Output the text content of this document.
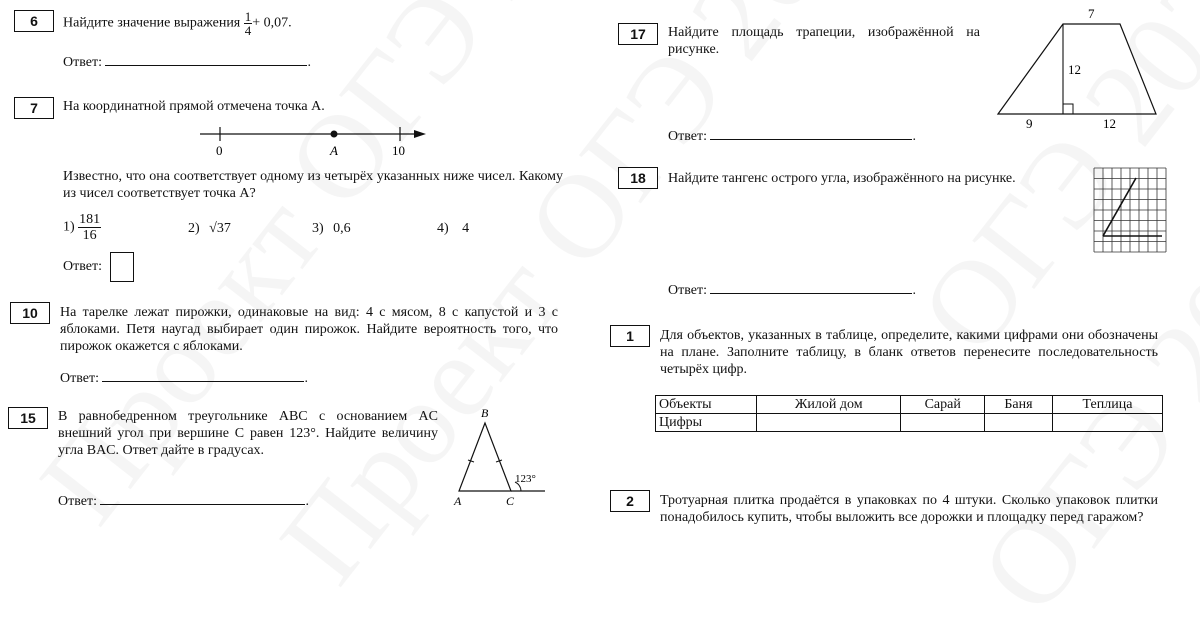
6	Найдите значение выражения $\frac{1}{4} + 0,07$.
Ответ:	.
7	На координатной прямой отмечена точка A.
0	A	10
Известно, что она соответствует одному из четырёх указанных ниже чисел. Какому из чисел соответствует точка A?
$1) \frac{181}{16}$	2) √37	3) 0,6	4) 4
Ответ:
10	На тарелке лежат пирожки, одинаковые на вид: 4 с мясом, 8 с капустой и 3 с яблоками. Петя наугад выбирает один пирожок. Найдите вероятность того, что пирожок окажется с яблоками.
Ответ:	.
15	В равнобедренном треугольнике ABC с основанием AC внешний угол при вершине C равен 123°. Найдите величину угла BAC. Ответ дайте в градусах.
Ответ:	.
B
A	C
123°
17	Найдите площадь трапеции, изображённой на рисунке.
Ответ:	.
7
12
9	12
18	Найдите тангенс острого угла, изображённого на рисунке.
Ответ:	.
1	Для объектов, указанных в таблице, определите, какими цифрами они обозначены на плане. Заполните таблицу, в бланк ответов перенесите последовательность четырёх цифр.
Объекты	Жилой дом	Сарай	Баня	Теплица
Цифры				
2	Тротуарная плитка продаётся в упаковках по 4 штуки. Сколько упаковок плитки понадобилось купить, чтобы выложить все дорожки и площадку перед гаражом?
